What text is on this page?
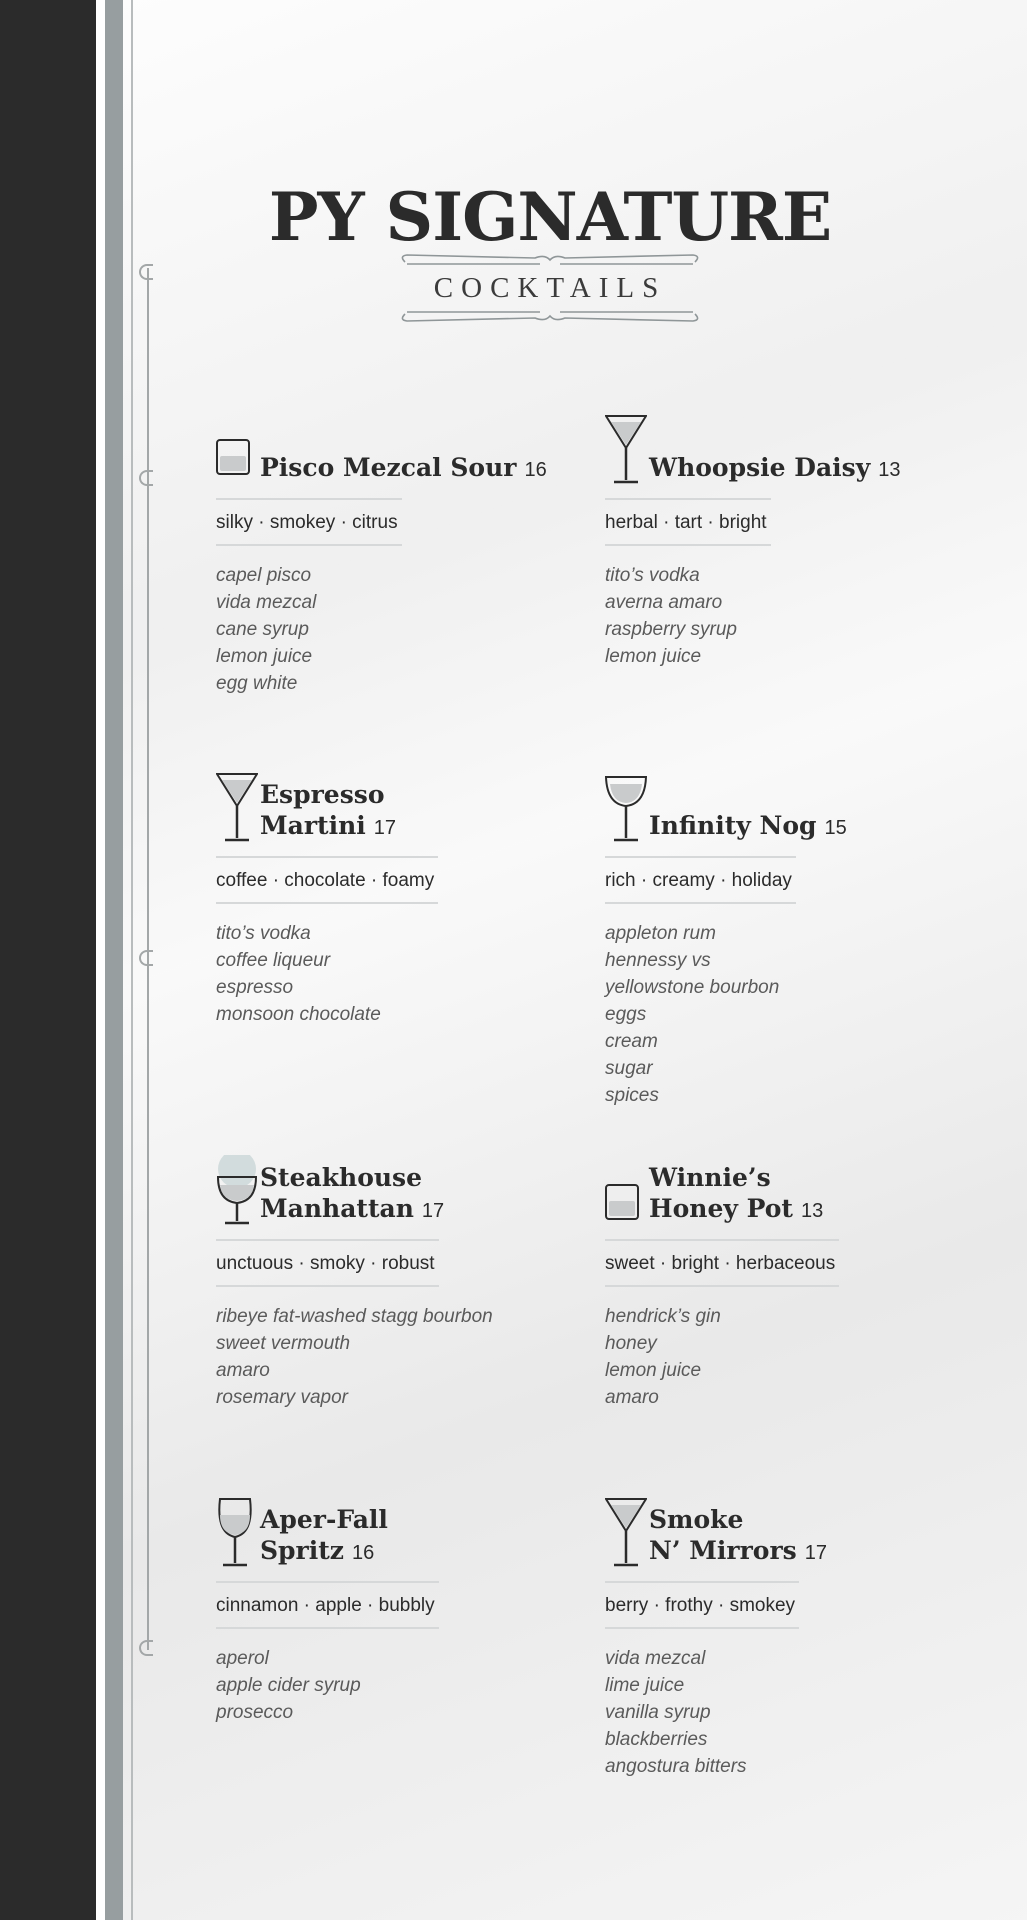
PY SIGNATURE
COCKTAILS
Pisco Mezcal Sour 16
silky · smokey · citrus
capel pisco
vida mezcal
cane syrup
lemon juice
egg white
Whoopsie Daisy 13
herbal · tart · bright
tito’s vodka
averna amaro
raspberry syrup
lemon juice
Espresso
Martini 17
coffee · chocolate · foamy
tito’s vodka
coffee liqueur
espresso
monsoon chocolate
Infinity Nog 15
rich · creamy · holiday
appleton rum
hennessy vs
yellowstone bourbon
eggs
cream
sugar
spices
Steakhouse
Manhattan 17
unctuous · smoky · robust
ribeye fat-washed stagg bourbon
sweet vermouth
amaro
rosemary vapor
Winnie’s
Honey Pot 13
sweet · bright · herbaceous
hendrick’s gin
honey
lemon juice
amaro
Aper-Fall
Spritz 16
cinnamon · apple · bubbly
aperol
apple cider syrup
prosecco
Smoke
N’ Mirrors 17
berry · frothy · smokey
vida mezcal
lime juice
vanilla syrup
blackberries
angostura bitters
